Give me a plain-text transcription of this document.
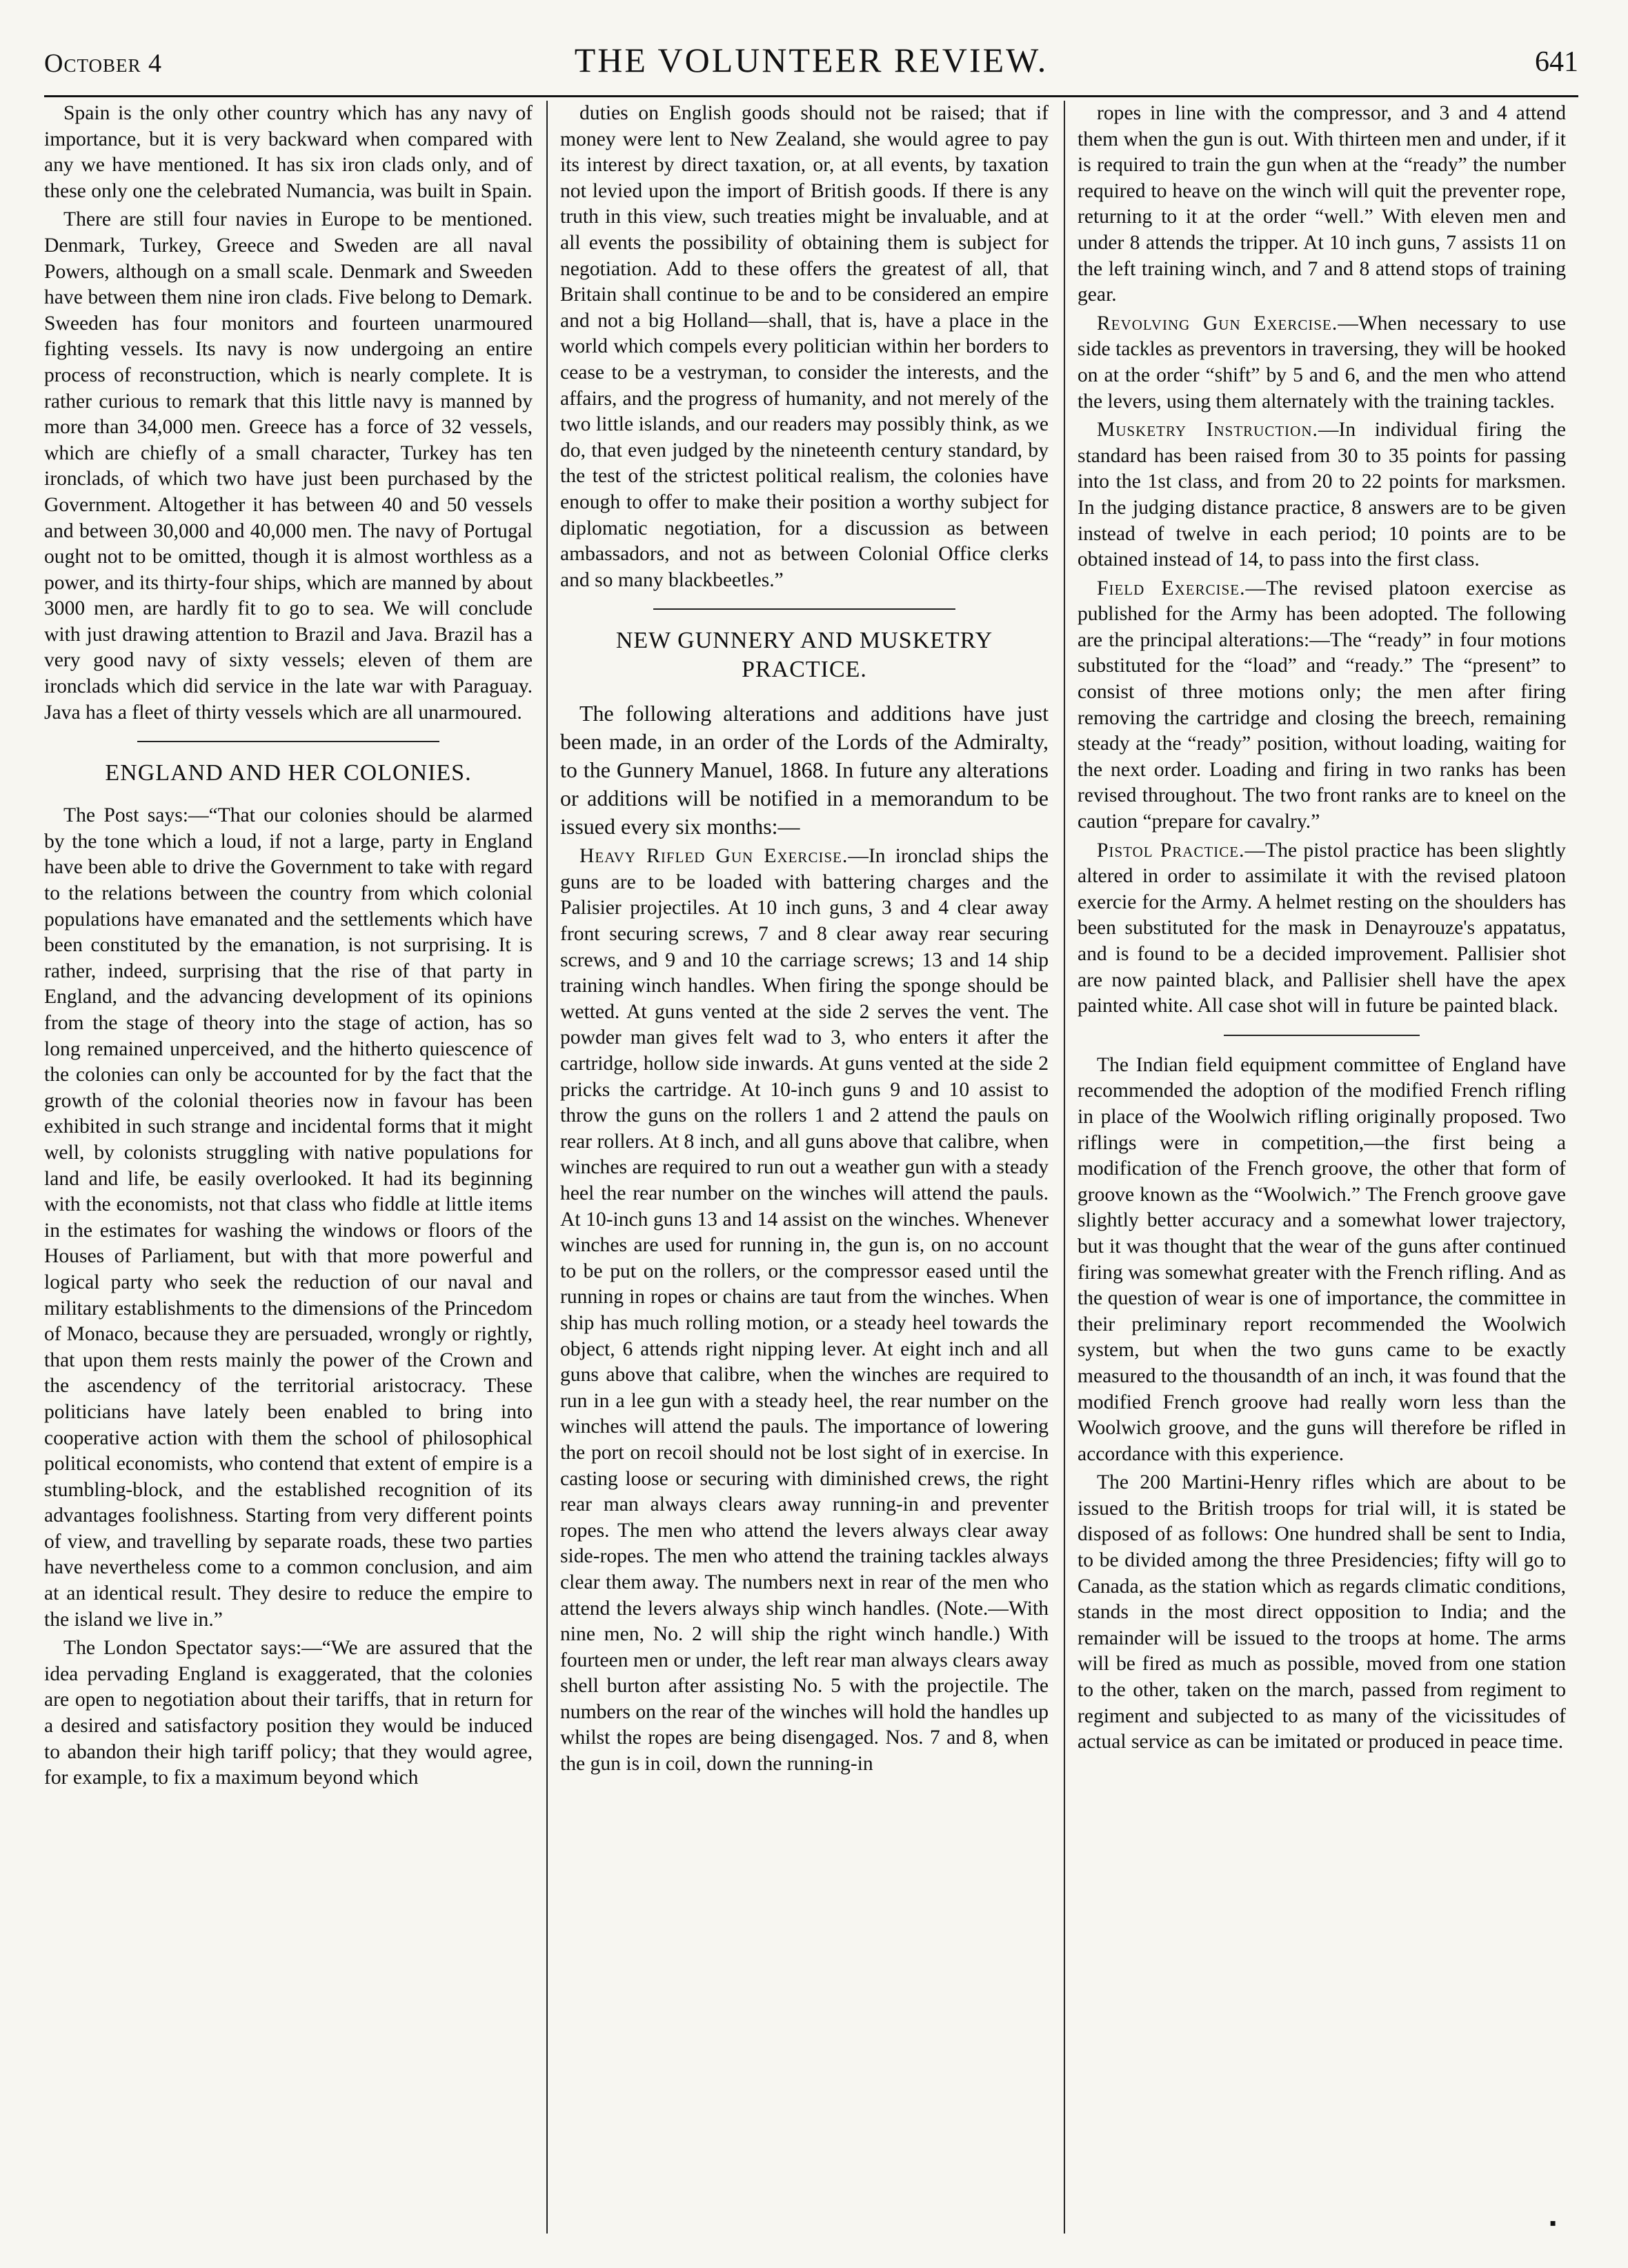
October 4	THE VOLUNTEER REVIEW.	641

Spain is the only other country which has any navy of importance, but it is very backward when compared with any we have mentioned. It has six iron clads only, and of these only one the celebrated Numancia, was built in Spain.

There are still four navies in Europe to be mentioned. Denmark, Turkey, Greece and Sweden are all naval Powers, although on a small scale. Denmark and Sweeden have between them nine iron clads. Five belong to Demark. Sweeden has four monitors and fourteen unarmoured fighting vessels. Its navy is now undergoing an entire process of reconstruction, which is nearly complete. It is rather curious to remark that this little navy is manned by more than 34,000 men. Greece has a force of 32 vessels, which are chiefly of a small character, Turkey has ten ironclads, of which two have just been purchased by the Government. Altogether it has between 40 and 50 vessels and between 30,000 and 40,000 men. The navy of Portugal ought not to be omitted, though it is almost worthless as a power, and its thirty-four ships, which are manned by about 3000 men, are hardly fit to go to sea. We will conclude with just drawing attention to Brazil and Java. Brazil has a very good navy of sixty vessels; eleven of them are ironclads which did service in the late war with Paraguay. Java has a fleet of thirty vessels which are all unarmoured.

ENGLAND AND HER COLONIES.

The Post says:—“That our colonies should be alarmed by the tone which a loud, if not a large, party in England have been able to drive the Government to take with regard to the relations between the country from which colonial populations have emanated and the settlements which have been constituted by the emanation, is not surprising. It is rather, indeed, surprising that the rise of that party in England, and the advancing development of its opinions from the stage of theory into the stage of action, has so long remained unperceived, and the hitherto quiescence of the colonies can only be accounted for by the fact that the growth of the colonial theories now in favour has been exhibited in such strange and incidental forms that it might well, by colonists struggling with native populations for land and life, be easily overlooked. It had its beginning with the economists, not that class who fiddle at little items in the estimates for washing the windows or floors of the Houses of Parliament, but with that more powerful and logical party who seek the reduction of our naval and military establishments to the dimensions of the Princedom of Monaco, because they are persuaded, wrongly or rightly, that upon them rests mainly the power of the Crown and the ascendency of the territorial aristocracy. These politicians have lately been enabled to bring into cooperative action with them the school of philosophical political economists, who contend that extent of empire is a stumbling-block, and the established recognition of its advantages foolishness. Starting from very different points of view, and travelling by separate roads, these two parties have nevertheless come to a common conclusion, and aim at an identical result. They desire to reduce the empire to the island we live in.”

The London Spectator says:—“We are assured that the idea pervading England is exaggerated, that the colonies are open to negotiation about their tariffs, that in return for a desired and satisfactory position they would be induced to abandon their high tariff policy; that they would agree, for example, to fix a maximum beyond which

duties on English goods should not be raised; that if money were lent to New Zealand, she would agree to pay its interest by direct taxation, or, at all events, by taxation not levied upon the import of British goods. If there is any truth in this view, such treaties might be invaluable, and at all events the possibility of obtaining them is subject for negotiation. Add to these offers the greatest of all, that Britain shall continue to be and to be considered an empire and not a big Holland—shall, that is, have a place in the world which compels every politician within her borders to cease to be a vestryman, to consider the interests, and the affairs, and the progress of humanity, and not merely of the two little islands, and our readers may possibly think, as we do, that even judged by the nineteenth century standard, by the test of the strictest political realism, the colonies have enough to offer to make their position a worthy subject for diplomatic negotiation, for a discussion as between ambassadors, and not as between Colonial Office clerks and so many blackbeetles.”

NEW GUNNERY AND MUSKETRY PRACTICE.

The following alterations and additions have just been made, in an order of the Lords of the Admiralty, to the Gunnery Manuel, 1868. In future any alterations or additions will be notified in a memorandum to be issued every six months:—

Heavy Rifled Gun Exercise.—In ironclad ships the guns are to be loaded with battering charges and the Palisier projectiles. At 10 inch guns, 3 and 4 clear away front securing screws, 7 and 8 clear away rear securing screws, and 9 and 10 the carriage screws; 13 and 14 ship training winch handles. When firing the sponge should be wetted. At guns vented at the side 2 serves the vent. The powder man gives felt wad to 3, who enters it after the cartridge, hollow side inwards. At guns vented at the side 2 pricks the cartridge. At 10-inch guns 9 and 10 assist to throw the guns on the rollers 1 and 2 attend the pauls on rear rollers. At 8 inch, and all guns above that calibre, when winches are required to run out a weather gun with a steady heel the rear number on the winches will attend the pauls. At 10-inch guns 13 and 14 assist on the winches. Whenever winches are used for running in, the gun is, on no account to be put on the rollers, or the compressor eased until the running in ropes or chains are taut from the winches. When ship has much rolling motion, or a steady heel towards the object, 6 attends right nipping lever. At eight inch and all guns above that calibre, when the winches are required to run in a lee gun with a steady heel, the rear number on the winches will attend the pauls. The importance of lowering the port on recoil should not be lost sight of in exercise. In casting loose or securing with diminished crews, the right rear man always clears away running-in and preventer ropes. The men who attend the levers always clear away side-ropes. The men who attend the training tackles always clear them away. The numbers next in rear of the men who attend the levers always ship winch handles. (Note.—With nine men, No. 2 will ship the right winch handle.) With fourteen men or under, the left rear man always clears away shell burton after assisting No. 5 with the projectile. The numbers on the rear of the winches will hold the handles up whilst the ropes are being disengaged. Nos. 7 and 8, when the gun is in coil, down the running-in

ropes in line with the compressor, and 3 and 4 attend them when the gun is out. With thirteen men and under, if it is required to train the gun when at the “ready” the number required to heave on the winch will quit the preventer rope, returning to it at the order “well.” With eleven men and under 8 attends the tripper. At 10 inch guns, 7 assists 11 on the left training winch, and 7 and 8 attend stops of training gear.

Revolving Gun Exercise.—When necessary to use side tackles as preventors in traversing, they will be hooked on at the order “shift” by 5 and 6, and the men who attend the levers, using them alternately with the training tackles.

Musketry Instruction.—In individual firing the standard has been raised from 30 to 35 points for passing into the 1st class, and from 20 to 22 points for marksmen. In the judging distance practice, 8 answers are to be given instead of twelve in each period; 10 points are to be obtained instead of 14, to pass into the first class.

Field Exercise.—The revised platoon exercise as published for the Army has been adopted. The following are the principal alterations:—The “ready” in four motions substituted for the “load” and “ready.” The “present” to consist of three motions only; the men after firing removing the cartridge and closing the breech, remaining steady at the “ready” position, without loading, waiting for the next order. Loading and firing in two ranks has been revised throughout. The two front ranks are to kneel on the caution “prepare for cavalry.”

Pistol Practice.—The pistol practice has been slightly altered in order to assimilate it with the revised platoon exercie for the Army. A helmet resting on the shoulders has been substituted for the mask in Denayrouze's appatatus, and is found to be a decided improvement. Pallisier shot are now painted black, and Pallisier shell have the apex painted white. All case shot will in future be painted black.

The Indian field equipment committee of England have recommended the adoption of the modified French rifling in place of the Woolwich rifling originally proposed. Two riflings were in competition,—the first being a modification of the French groove, the other that form of groove known as the “Woolwich.” The French groove gave slightly better accuracy and a somewhat lower trajectory, but it was thought that the wear of the guns after continued firing was somewhat greater with the French rifling. And as the question of wear is one of importance, the committee in their preliminary report recommended the Woolwich system, but when the two guns came to be exactly measured to the thousandth of an inch, it was found that the modified French groove had really worn less than the Woolwich groove, and the guns will therefore be rifled in accordance with this experience.

The 200 Martini-Henry rifles which are about to be issued to the British troops for trial will, it is stated be disposed of as follows: One hundred shall be sent to India, to be divided among the three Presidencies; fifty will go to Canada, as the station which as regards climatic conditions, stands in the most direct opposition to India; and the remainder will be issued to the troops at home. The arms will be fired as much as possible, moved from one station to the other, taken on the march, passed from regiment to regiment and subjected to as many of the vicissitudes of actual service as can be imitated or produced in peace time.

▪
